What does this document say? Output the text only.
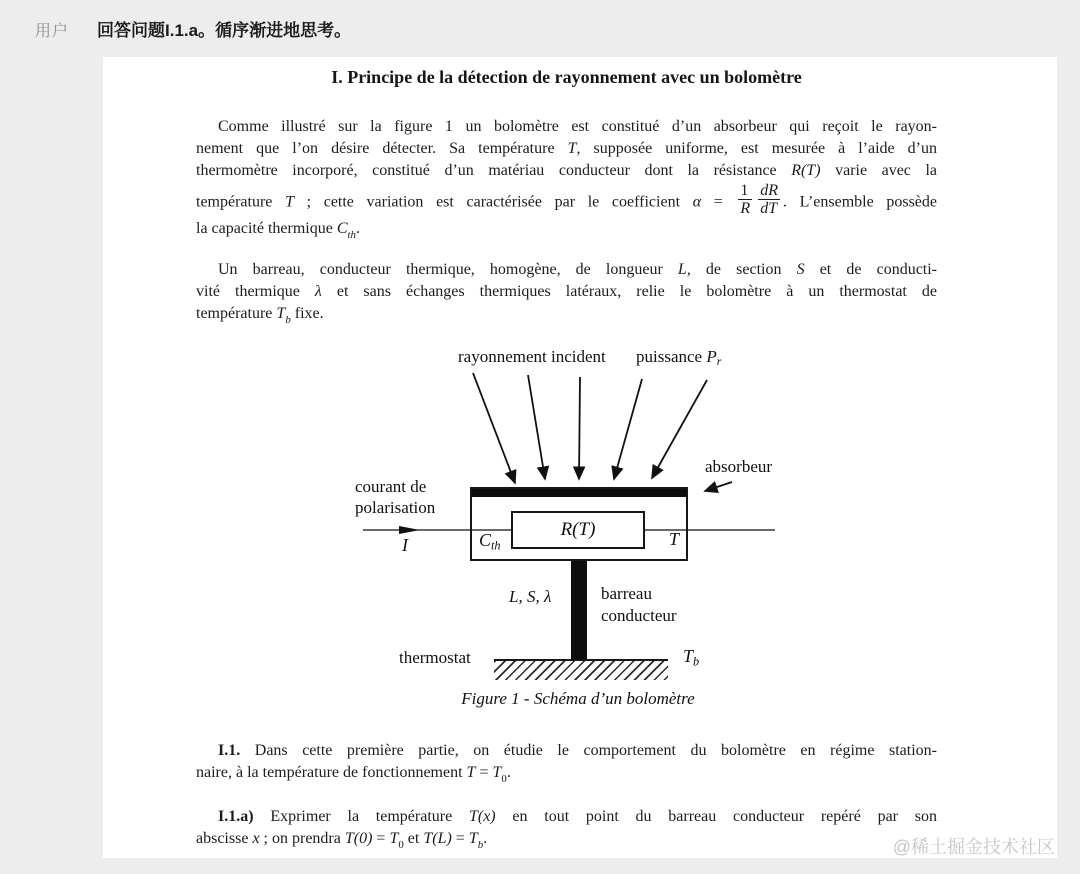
用户 回答问题I.1.a。循序渐进地思考。
I. Principe de la détection de rayonnement avec un bolomètre
Comme illustré sur la figure 1 un bolomètre est constitué d’un absorbeur qui reçoit le rayon-
nement que l’on désire détecter. Sa température T, supposée uniforme, est mesurée à l’aide d’un
thermomètre incorporé, constitué d’un matériau conducteur dont la résistance R(T) varie avec la
température T ; cette variation est caractérisée par le coefficient $\alpha = \frac{1}{R} \frac{dR}{dT}$ . L’ensemble possède
la capacité thermique $C_{th}$.
Un barreau, conducteur thermique, homogène, de longueur L, de section S et de conducti-
vité thermique λ et sans échanges thermiques latéraux, relie le bolomètre à un thermostat de
température $T_b$ fixe.
rayonnement incident puissance Pr
absorbeur
courant de
polarisation
I
R(T)
Cth	T
L, S, λ	barreau
conducteur
thermostat	Tb
Figure 1 - Schéma d’un bolomètre
I.1. Dans cette première partie, on étudie le comportement du bolomètre en régime station-
naire, à la température de fonctionnement $T = T_0$.
I.1.a) Exprimer la température T(x) en tout point du barreau conducteur repéré par son
abscisse x ; on prendra $T(0) = T_0$ et $T(L) = T_b$.	@稀土掘金技术社区
